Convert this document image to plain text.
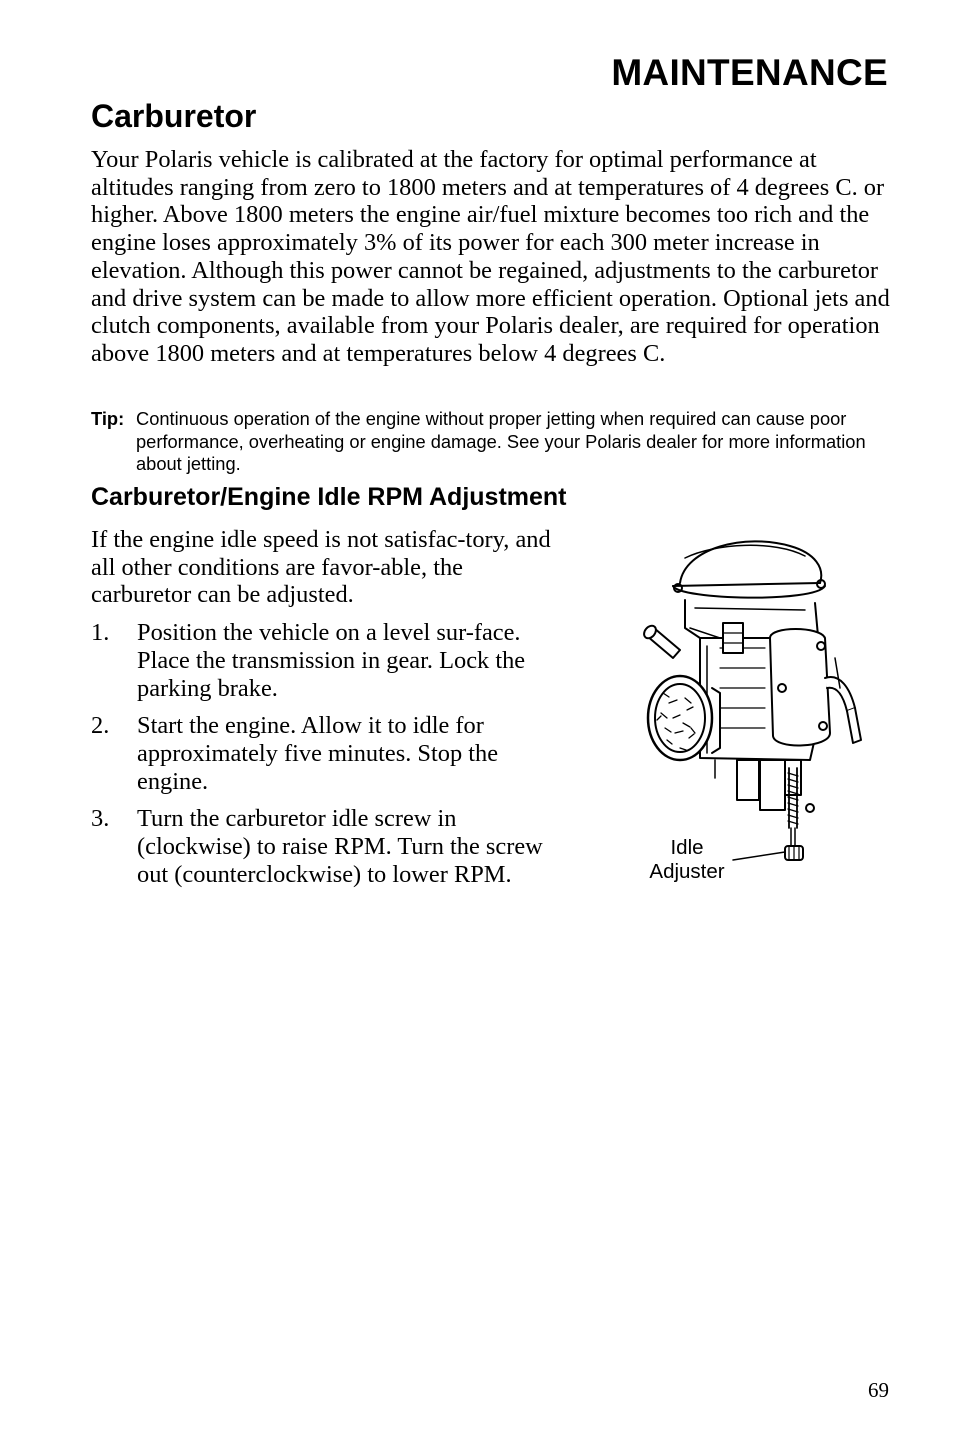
MAINTENANCE
Carburetor

Your Polaris vehicle is calibrated at the factory for optimal performance at altitudes ranging from zero to 1800 meters and at temperatures of 4 degrees C. or higher. Above 1800 meters the engine air/fuel mixture becomes too rich and the engine loses approximately 3% of its power for each 300 meter increase in elevation. Although this power cannot be regained, adjustments to the carburetor and drive system can be made to allow more efficient operation. Optional jets and clutch components, available from your Polaris dealer, are required for operation above 1800 meters and at temperatures below 4 degrees C.

Tip: Continuous operation of the engine without proper jetting when required can cause poor performance, overheating or engine damage. See your Polaris dealer for more information about jetting.
Carburetor/Engine Idle RPM Adjustment

If the engine idle speed is not satisfac-tory, and all other conditions are favor-able, the carburetor can be adjusted.

1. Position the vehicle on a level sur-face. Place the transmission in gear. Lock the parking brake.
2. Start the engine. Allow it to idle for approximately five minutes. Stop the engine.
3. Turn the carburetor idle screw in (clockwise) to raise RPM. Turn the screw out (counterclockwise) to lower RPM.
Idle
Adjuster
69
